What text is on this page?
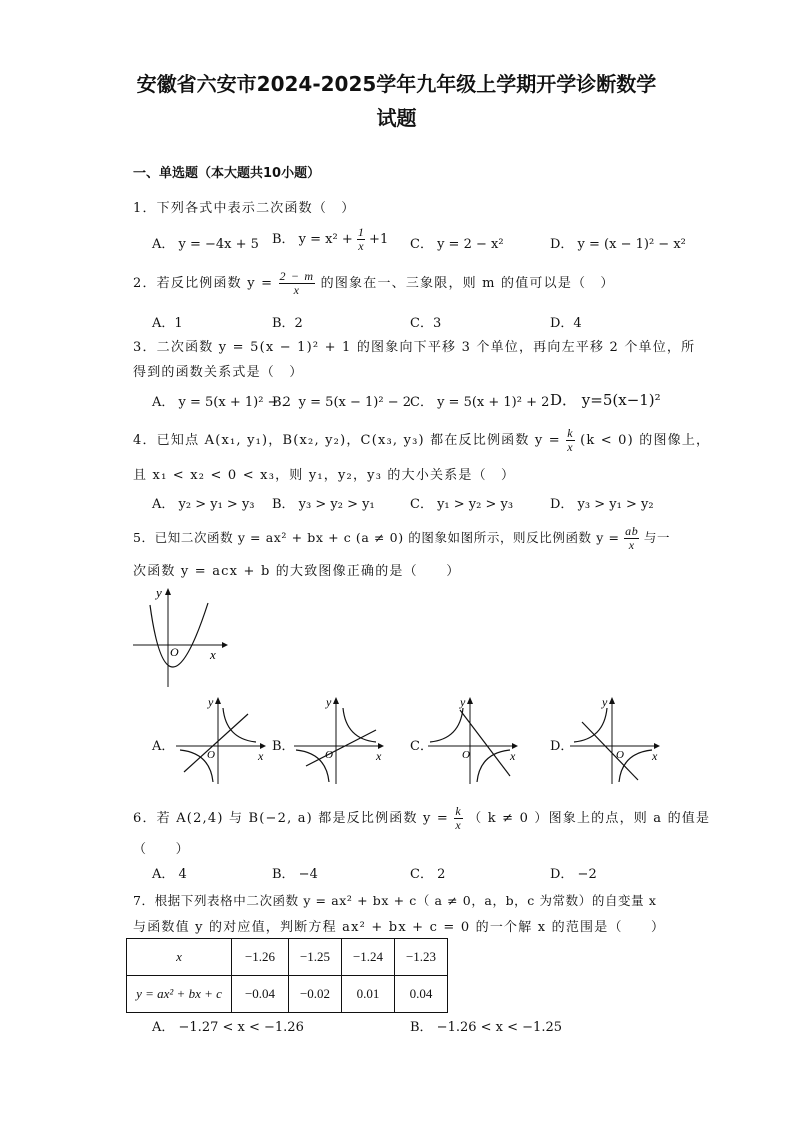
安徽省六安市2024-2025学年九年级上学期开学诊断数学
试题
一、单选题（本大题共10小题）
1．下列各式中表示二次函数（　）
A． y = −4x + 5 B． $y = x^2 + \frac{1}{x} +1$ C． y = 2 − x²	D． y = (x − 1)² − x²
2．若反比例函数 $y = \frac{2 - m}{x}$ 的图象在一、三象限，则 m 的值可以是（　）
A．1	B．2	C．3	D．4
3．二次函数 y = 5(x − 1)² + 1 的图象向下平移 3 个单位，再向左平移 2 个单位，所
得到的函数关系式是（　）
A． y = 5(x + 1)² − 2
B． y = 5(x − 1)² − 2
C． y = 5(x + 1)² + 2 D． y=5(x−1)²
4．已知点 A(x₁, y₁)，B(x₂, y₂)，C(x₃, y₃) 都在反比例函数 $y = \frac{k}{x} (k < 0)$ 的图像上，
且 x₁ < x₂ < 0 < x₃，则 y₁，y₂，y₃ 的大小关系是（　）
A． y₂ > y₁ > y₃ B． y₃ > y₂ > y₁	C． y₁ > y₂ > y₃	D． y₃ > y₁ > y₂
5．已知二次函数 y = ax² + bx + c (a ≠ 0) 的图象如图所示，则反比例函数 $y = \frac{ab}{x}$ 与一
次函数 y = acx + b 的大致图像正确的是（　　）
x
y
O
A．
x
y
O
B．
x
y
O
C．
x
y
O
D．
x
y
O
6．若 A(2,4) 与 B(−2, a) 都是反比例函数 $y = \frac{k}{x}$ （ k ≠ 0 ）图象上的点，则 a 的值是
（　　）
A． 4	B． −4	C． 2	D． −2
7．根据下列表格中二次函数 y = ax² + bx + c（ a ≠ 0，a，b，c 为常数）的自变量 x
与函数值 y 的对应值，判断方程 ax² + bx + c = 0 的一个解 x 的范围是（　　）
x	−1.26	−1.25	−1.24	−1.23
y = ax² + bx + c	−0.04	−0.02	0.01	0.04
A． −1.27 < x < −1.26	B． −1.26 < x < −1.25
